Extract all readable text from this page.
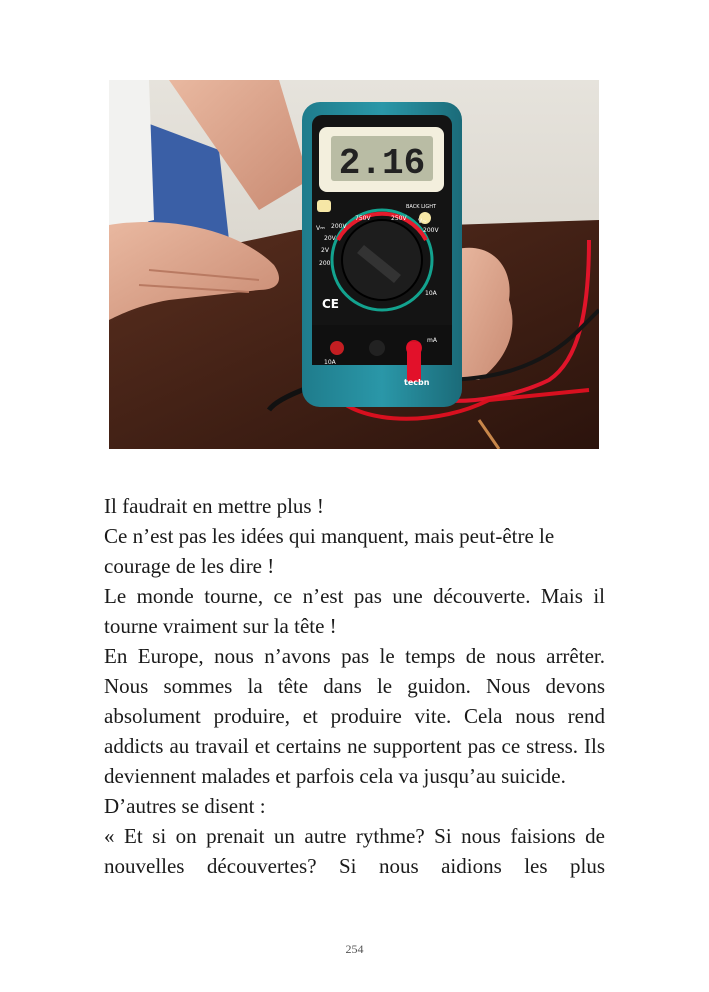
2.16
BACK LIGHT
750V	250V V~
V⎓ 200V
200V
20V
2V
200
10A
CE
10A
mA
tecbn

Il faudrait en mettre plus !

Ce n’est pas les idées qui manquent, mais peut-être le courage de les dire !

Le monde tourne, ce n’est pas une découverte. Mais il tourne vraiment sur la tête !

En Europe, nous n’avons pas le temps de nous arrêter. Nous sommes la tête dans le guidon. Nous devons absolument produire, et produire vite. Cela nous rend addicts au travail et certains ne supportent pas ce stress. Ils deviennent malades et parfois cela va jusqu’au suicide.

D’autres se disent :

« Et si on prenait un autre rythme? Si nous faisions de nouvelles découvertes? Si nous aidions les plus

254
